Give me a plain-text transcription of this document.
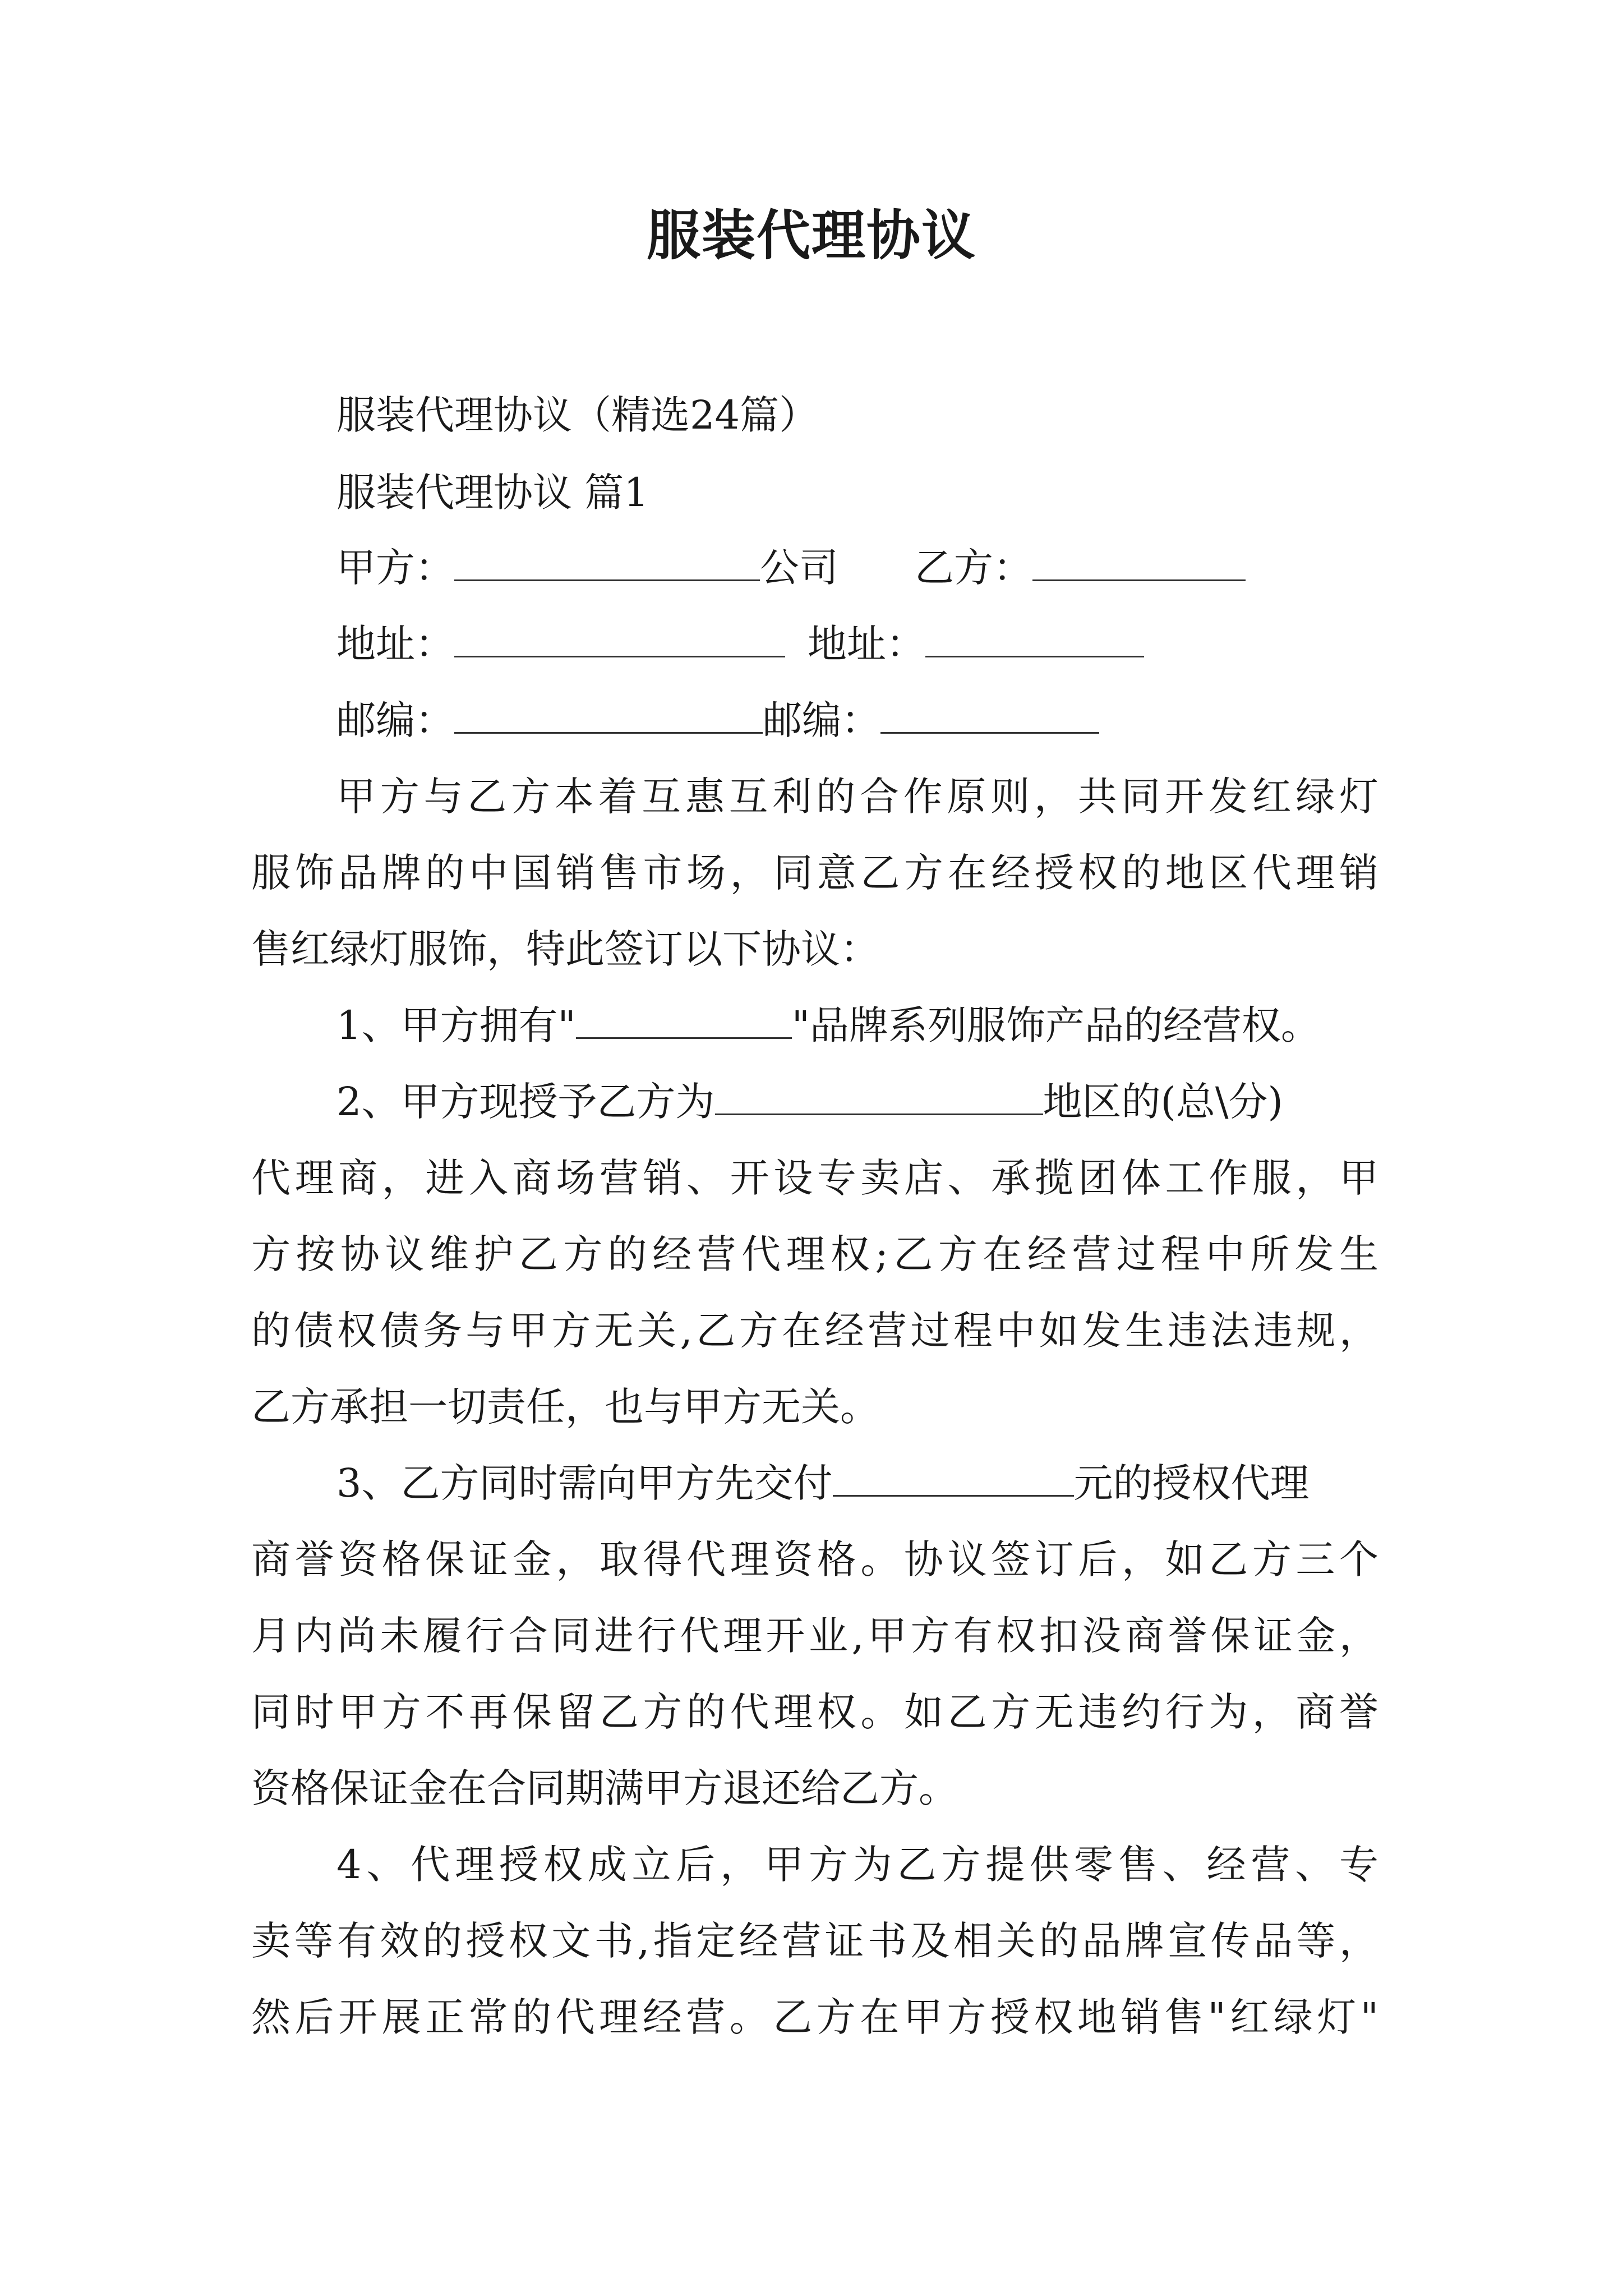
服装代理协议

服装代理协议（精选24篇）

服装代理协议 篇1

甲方：	公司 乙方：

地址：	地址：

邮编：	邮编：

甲方与乙方本着互惠互利的合作原则，共同开发红绿灯

服饰品牌的中国销售市场，同意乙方在经授权的地区代理销

售红绿灯服饰，特此签订以下协议：

1、甲方拥有"	"品牌系列服饰产品的经营权。

2、甲方现授予乙方为	地区的(总\分)

代理商，进入商场营销、开设专卖店、承揽团体工作服，甲

方按协议维护乙方的经营代理权;乙方在经营过程中所发生

的债权债务与甲方无关,乙方在经营过程中如发生违法违规，

乙方承担一切责任，也与甲方无关。

3、乙方同时需向甲方先交付	元的授权代理

商誉资格保证金，取得代理资格。协议签订后，如乙方三个

月内尚未履行合同进行代理开业,甲方有权扣没商誉保证金，

同时甲方不再保留乙方的代理权。如乙方无违约行为，商誉

资格保证金在合同期满甲方退还给乙方。

4、代理授权成立后，甲方为乙方提供零售、经营、专

卖等有效的授权文书,指定经营证书及相关的品牌宣传品等，

然后开展正常的代理经营。乙方在甲方授权地销售"红绿灯"
